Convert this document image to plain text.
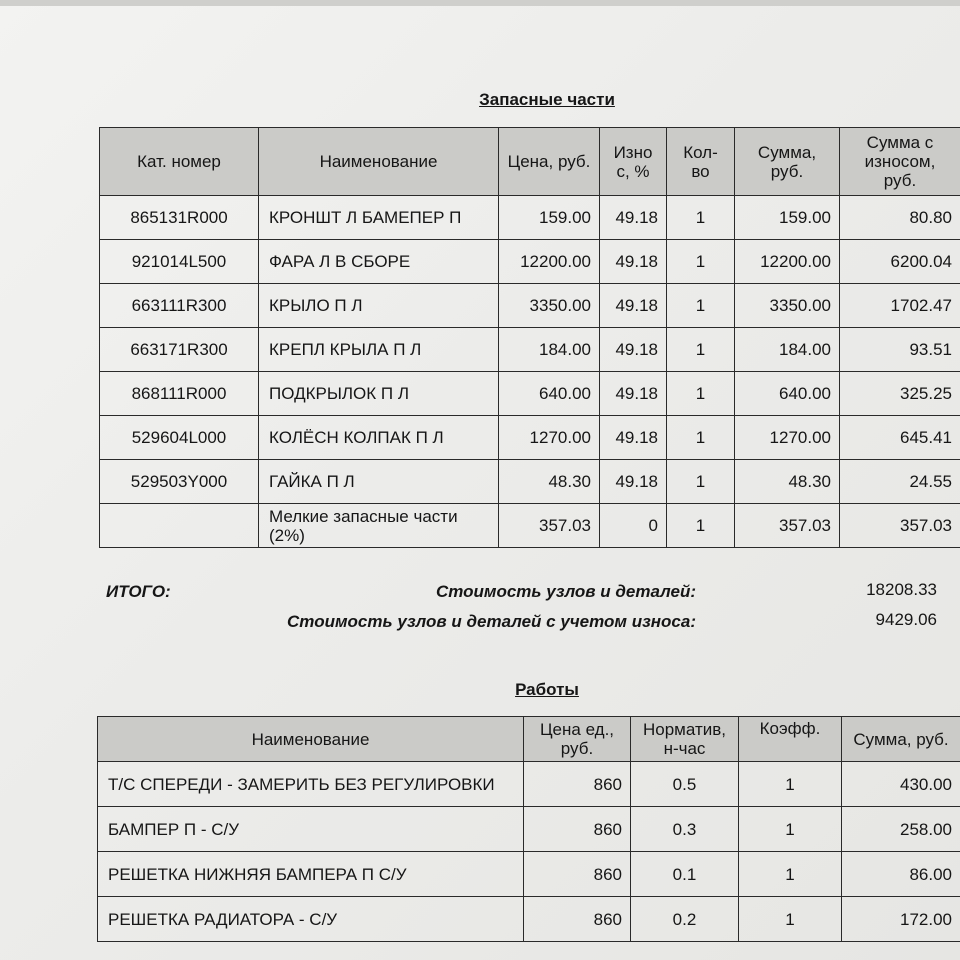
Запасные части
Кат. номер	Наименование	Цена, руб.	Изно с, %	Кол-во	Сумма, руб.	Сумма с износом, руб.
865131R000	КРОНШТ Л БАМЕПЕР П	159.00	49.18	1	159.00	80.80
921014L500	ФАРА Л В СБОРЕ	12200.00	49.18	1	12200.00	6200.04
663111R300	КРЫЛО П Л	3350.00	49.18	1	3350.00	1702.47
663171R300	КРЕПЛ КРЫЛА П Л	184.00	49.18	1	184.00	93.51
868111R000	ПОДКРЫЛОК П Л	640.00	49.18	1	640.00	325.25
529604L000	КОЛЁСН КОЛПАК П Л	1270.00	49.18	1	1270.00	645.41
529503Y000	ГАЙКА П Л	48.30	49.18	1	48.30	24.55
	Мелкие запасные части (2%)	357.03	0	1	357.03	357.03
ИТОГО:	Стоимость узлов и деталей:	18208.33
Стоимость узлов и деталей с учетом износа:	9429.06
Работы
Наименование	Цена ед., руб.	Норматив, н-час	Коэфф.	Сумма, руб.
Т/С СПЕРЕДИ - ЗАМЕРИТЬ БЕЗ РЕГУЛИРОВКИ	860	0.5	1	430.00
БАМПЕР П - С/У	860	0.3	1	258.00
РЕШЕТКА НИЖНЯЯ БАМПЕРА П С/У	860	0.1	1	86.00
РЕШЕТКА РАДИАТОРА - С/У	860	0.2	1	172.00
